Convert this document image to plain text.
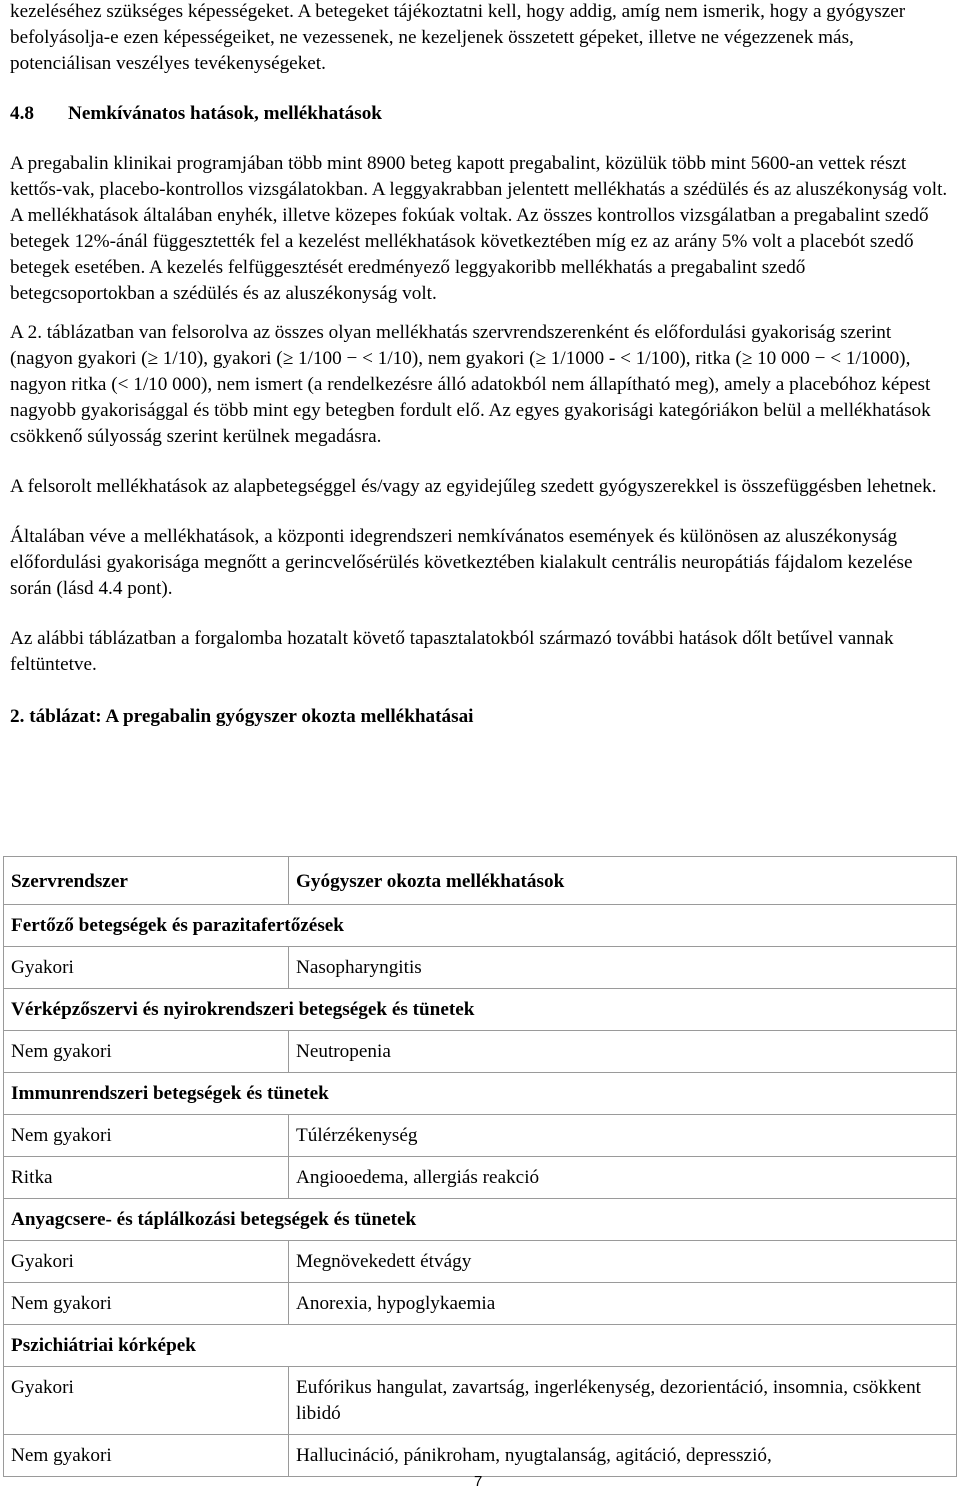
kezeléséhez szükséges képességeket. A betegeket tájékoztatni kell, hogy addig, amíg nem ismerik, hogy a gyógyszer befolyásolja-e ezen képességeiket, ne vezessenek, ne kezeljenek összetett gépeket, illetve ne végezzenek más, potenciálisan veszélyes tevékenységeket.

4.8 Nemkívánatos hatások, mellékhatások

A pregabalin klinikai programjában több mint 8900 beteg kapott pregabalint, közülük több mint 5600-an vettek részt kettős-vak, placebo-kontrollos vizsgálatokban. A leggyakrabban jelentett mellékhatás a szédülés és az aluszékonyság volt. A mellékhatások általában enyhék, illetve közepes fokúak voltak. Az összes kontrollos vizsgálatban a pregabalint szedő betegek 12%-ánál függesztették fel a kezelést mellékhatások következtében míg ez az arány 5% volt a placebót szedő betegek esetében. A kezelés felfüggesztését eredményező leggyakoribb mellékhatás a pregabalint szedő betegcsoportokban a szédülés és az aluszékonyság volt.

A 2. táblázatban van felsorolva az összes olyan mellékhatás szervrendszerenként és előfordulási gyakoriság szerint (nagyon gyakori (≥ 1/10), gyakori (≥ 1/100 − < 1/10), nem gyakori (≥ 1/1000 - < 1/100), ritka (≥ 10 000 − < 1/1000), nagyon ritka (< 1/10 000), nem ismert (a rendelkezésre álló adatokból nem állapítható meg), amely a placebóhoz képest nagyobb gyakorisággal és több mint egy betegben fordult elő. Az egyes gyakorisági kategóriákon belül a mellékhatások csökkenő súlyosság szerint kerülnek megadásra.

A felsorolt mellékhatások az alapbetegséggel és/vagy az egyidejűleg szedett gyógyszerekkel is összefüggésben lehetnek.

Általában véve a mellékhatások, a központi idegrendszeri nemkívánatos események és különösen az aluszékonyság előfordulási gyakorisága megnőtt a gerincvelősérülés következtében kialakult centrális neuropátiás fájdalom kezelése során (lásd 4.4 pont).

Az alábbi táblázatban a forgalomba hozatalt követő tapasztalatokból származó további hatások dőlt betűvel vannak feltüntetve.

2. táblázat: A pregabalin gyógyszer okozta mellékhatásai

Szervrendszer	Gyógyszer okozta mellékhatások
Fertőző betegségek és parazitafertőzések	
Gyakori	Nasopharyngitis
Vérképzőszervi és nyirokrendszeri betegségek és tünetek	
Nem gyakori	Neutropenia
Immunrendszeri betegségek és tünetek	
Nem gyakori	Túlérzékenység
Ritka	Angiooedema, allergiás reakció
Anyagcsere- és táplálkozási betegségek és tünetek	
Gyakori	Megnövekedett étvágy
Nem gyakori	Anorexia, hypoglykaemia
Pszichiátriai kórképek	
Gyakori	Eufórikus hangulat, zavartság, ingerlékenység, dezorientáció, insomnia, csökkent libidó
Nem gyakori	Hallucináció, pánikroham, nyugtalanság, agitáció, depresszió,
7
